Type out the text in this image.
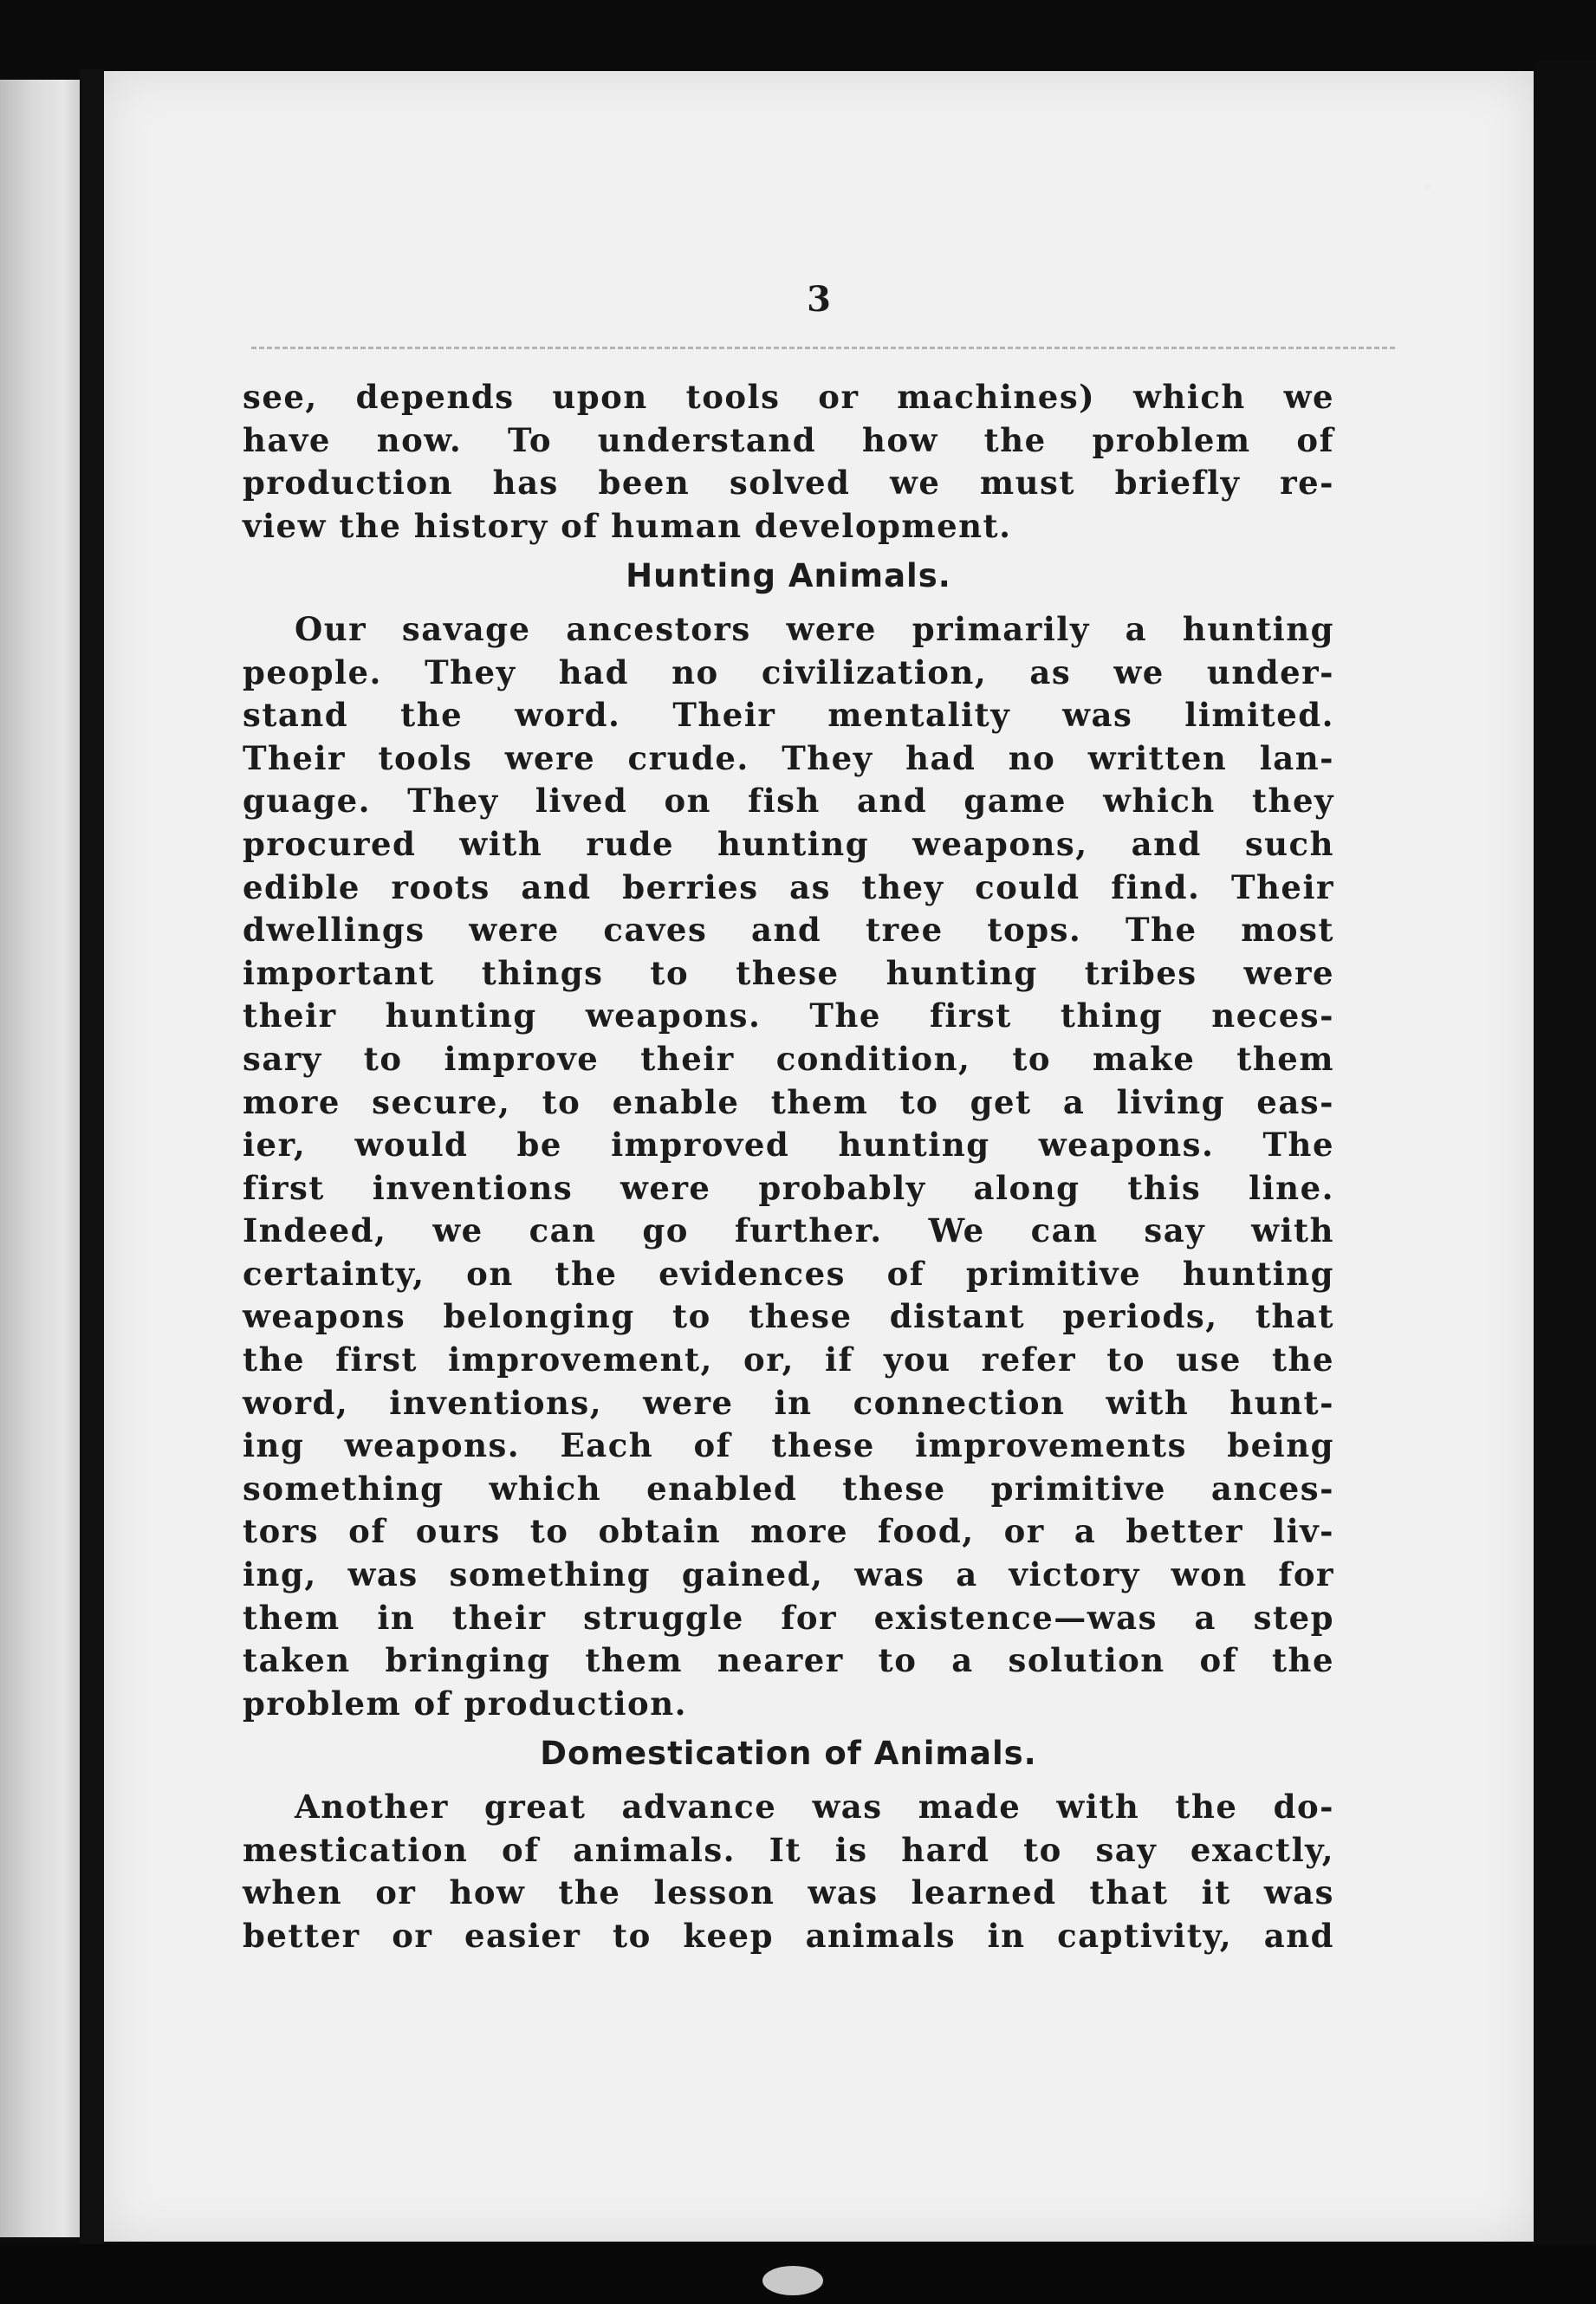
3
see, depends upon tools or machines) which we
have now. To understand how the problem of
production has been solved we must briefly re-
view the history of human development.
Hunting Animals.
Our savage ancestors were primarily a hunting
people. They had no civilization, as we under-
stand the word. Their mentality was limited.
Their tools were crude. They had no written lan-
guage. They lived on fish and game which they
procured with rude hunting weapons, and such
edible roots and berries as they could find. Their
dwellings were caves and tree tops. The most
important things to these hunting tribes were
their hunting weapons. The first thing neces-
sary to improve their condition, to make them
more secure, to enable them to get a living eas-
ier, would be improved hunting weapons. The
first inventions were probably along this line.
Indeed, we can go further. We can say with
certainty, on the evidences of primitive hunting
weapons belonging to these distant periods, that
the first improvement, or, if you refer to use the
word, inventions, were in connection with hunt-
ing weapons. Each of these improvements being
something which enabled these primitive ances-
tors of ours to obtain more food, or a better liv-
ing, was something gained, was a victory won for
them in their struggle for existence—was a step
taken bringing them nearer to a solution of the
problem of production.
Domestication of Animals.
Another great advance was made with the do-
mestication of animals. It is hard to say exactly,
when or how the lesson was learned that it was
better or easier to keep animals in captivity, and
